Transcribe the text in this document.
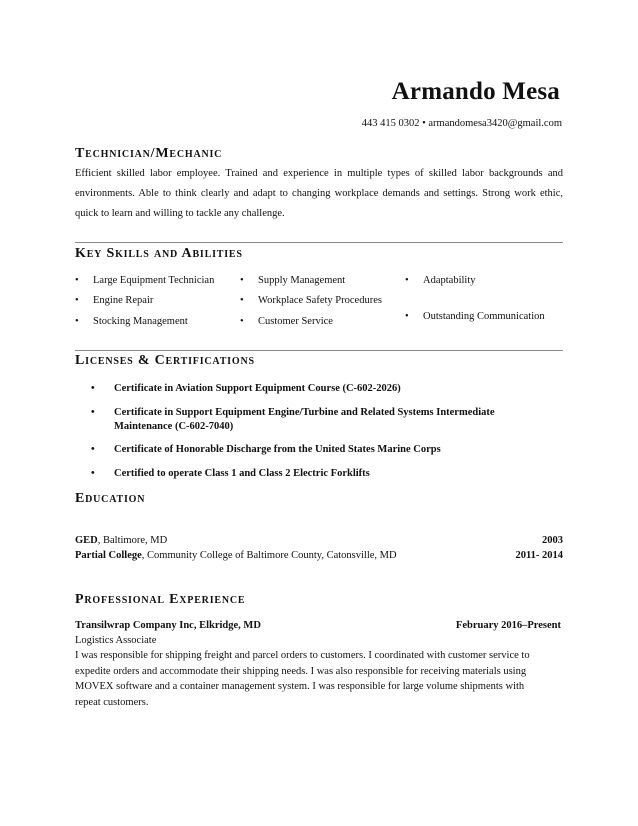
Armando Mesa
443 415 0302 • armandomesa3420@gmail.com
Technician/Mechanic
Efficient skilled labor employee. Trained and experience in multiple types of skilled labor backgrounds and environments. Able to think clearly and adapt to changing workplace demands and settings. Strong work ethic, quick to learn and willing to tackle any challenge.
Key Skills and Abilities
• Large Equipment Technician
• Engine Repair
• Stocking Management
• Supply Management
• Workplace Safety Procedures
• Customer Service
• Adaptability
• Outstanding Communication
Licenses & Certifications
• Certificate in Aviation Support Equipment Course (C-602-2026)
• Certificate in Support Equipment Engine/Turbine and Related Systems Intermediate Maintenance (C-602-7040)
• Certificate of Honorable Discharge from the United States Marine Corps
• Certified to operate Class 1 and Class 2 Electric Forklifts
Education
GED, Baltimore, MD	2003
Partial College, Community College of Baltimore County, Catonsville, MD	2011- 2014
Professional Experience
Transilwrap Company Inc, Elkridge, MD	February 2016–Present
Logistics Associate
I was responsible for shipping freight and parcel orders to customers. I coordinated with customer service to expedite orders and accommodate their shipping needs. I was also responsible for receiving materials using MOVEX software and a container management system. I was responsible for large volume shipments with repeat customers.
